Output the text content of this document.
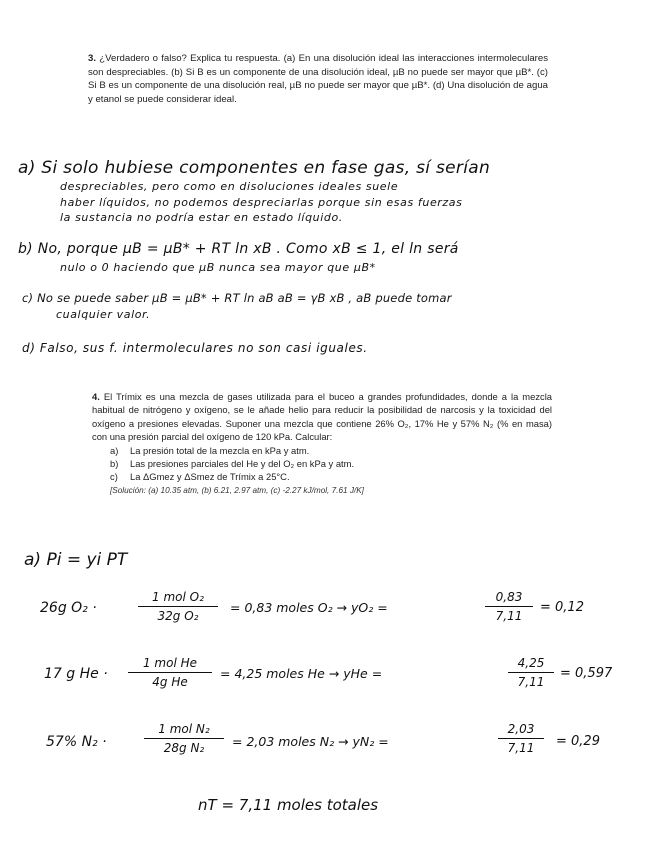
3. ¿Verdadero o falso? Explica tu respuesta. (a) En una disolución ideal las interacciones intermoleculares son despreciables. (b) Si B es un componente de una disolución ideal, µB no puede ser mayor que µB*. (c) Si B es un componente de una disolución real, µB no puede ser mayor que µB*. (d) Una disolución de agua y etanol se puede considerar ideal.
a) Si solo hubiese componentes en fase gas, sí serían
despreciables, pero como en disoluciones ideales suele
haber líquidos, no podemos despreciarlas porque sin esas fuerzas
la sustancia no podría estar en estado líquido.
b) No, porque µB = µB* + RT ln xB . Como xB ≤ 1, el ln será
nulo o 0 haciendo que µB nunca sea mayor que µB*
c) No se puede saber µB = µB* + RT ln aB aB = γB xB , aB puede tomar
cualquier valor.
d) Falso, sus f. intermoleculares no son casi iguales.
4. El Trímix es una mezcla de gases utilizada para el buceo a grandes profundidades, donde a la mezcla habitual de nitrógeno y oxígeno, se le añade helio para reducir la posibilidad de narcosis y la toxicidad del oxígeno a presiones elevadas. Suponer una mezcla que contiene 26% O₂, 17% He y 57% N₂ (% en masa) con una presión parcial del oxígeno de 120 kPa. Calcular:
a) La presión total de la mezcla en kPa y atm.
b) Las presiones parciales del He y del O₂ en kPa y atm.
c) La ΔGmez y ΔSmez de Trímix a 25°C.
[Solución: (a) 10.35 atm, (b) 6.21, 2.97 atm, (c) -2.27 kJ/mol, 7.61 J/K]
a) Pi = yi PT
26g O₂ ·
1 mol O₂
32g O₂
= 0,83 moles O₂ → yO₂ =
0,83
7,11
= 0,12
17 g He ·
1 mol He
4g He
= 4,25 moles He → yHe =
4,25
7,11
= 0,597
57% N₂ ·
1 mol N₂
28g N₂	= 2,03 moles N₂ → yN₂ =
2,03
7,11	= 0,29
nT = 7,11 moles totales
